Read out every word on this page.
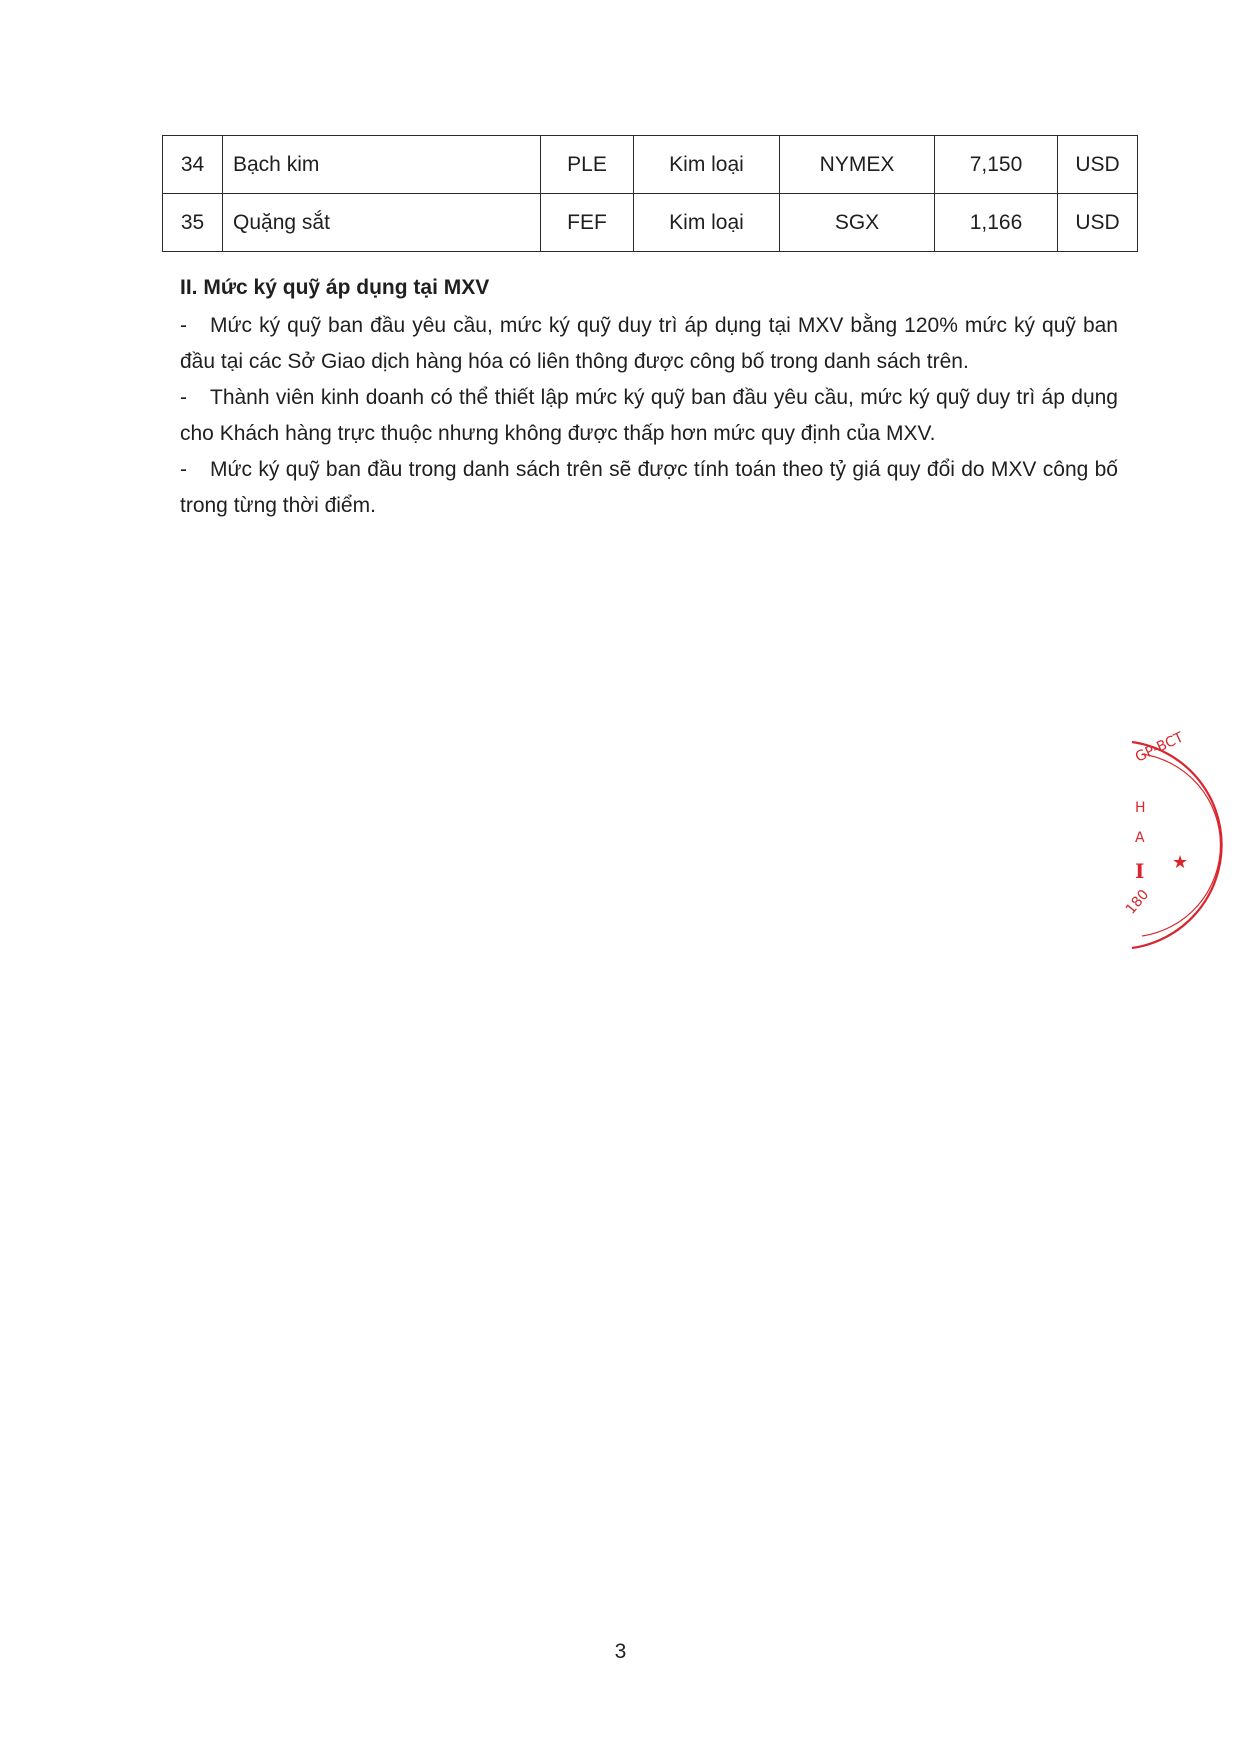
34	Bạch kim	PLE	Kim loại	NYMEX	7,150	USD
35	Quặng sắt	FEF	Kim loại	SGX	1,166	USD

II. Mức ký quỹ áp dụng tại MXV

- Mức ký quỹ ban đầu yêu cầu, mức ký quỹ duy trì áp dụng tại MXV bằng 120% mức ký quỹ ban đầu tại các Sở Giao dịch hàng hóa có liên thông được công bố trong danh sách trên.

- Thành viên kinh doanh có thể thiết lập mức ký quỹ ban đầu yêu cầu, mức ký quỹ duy trì áp dụng cho Khách hàng trực thuộc nhưng không được thấp hơn mức quy định của MXV.

- Mức ký quỹ ban đầu trong danh sách trên sẽ được tính toán theo tỷ giá quy đổi do MXV công bố trong từng thời điểm.

3
GP-BCT
H
A
I
180
★
